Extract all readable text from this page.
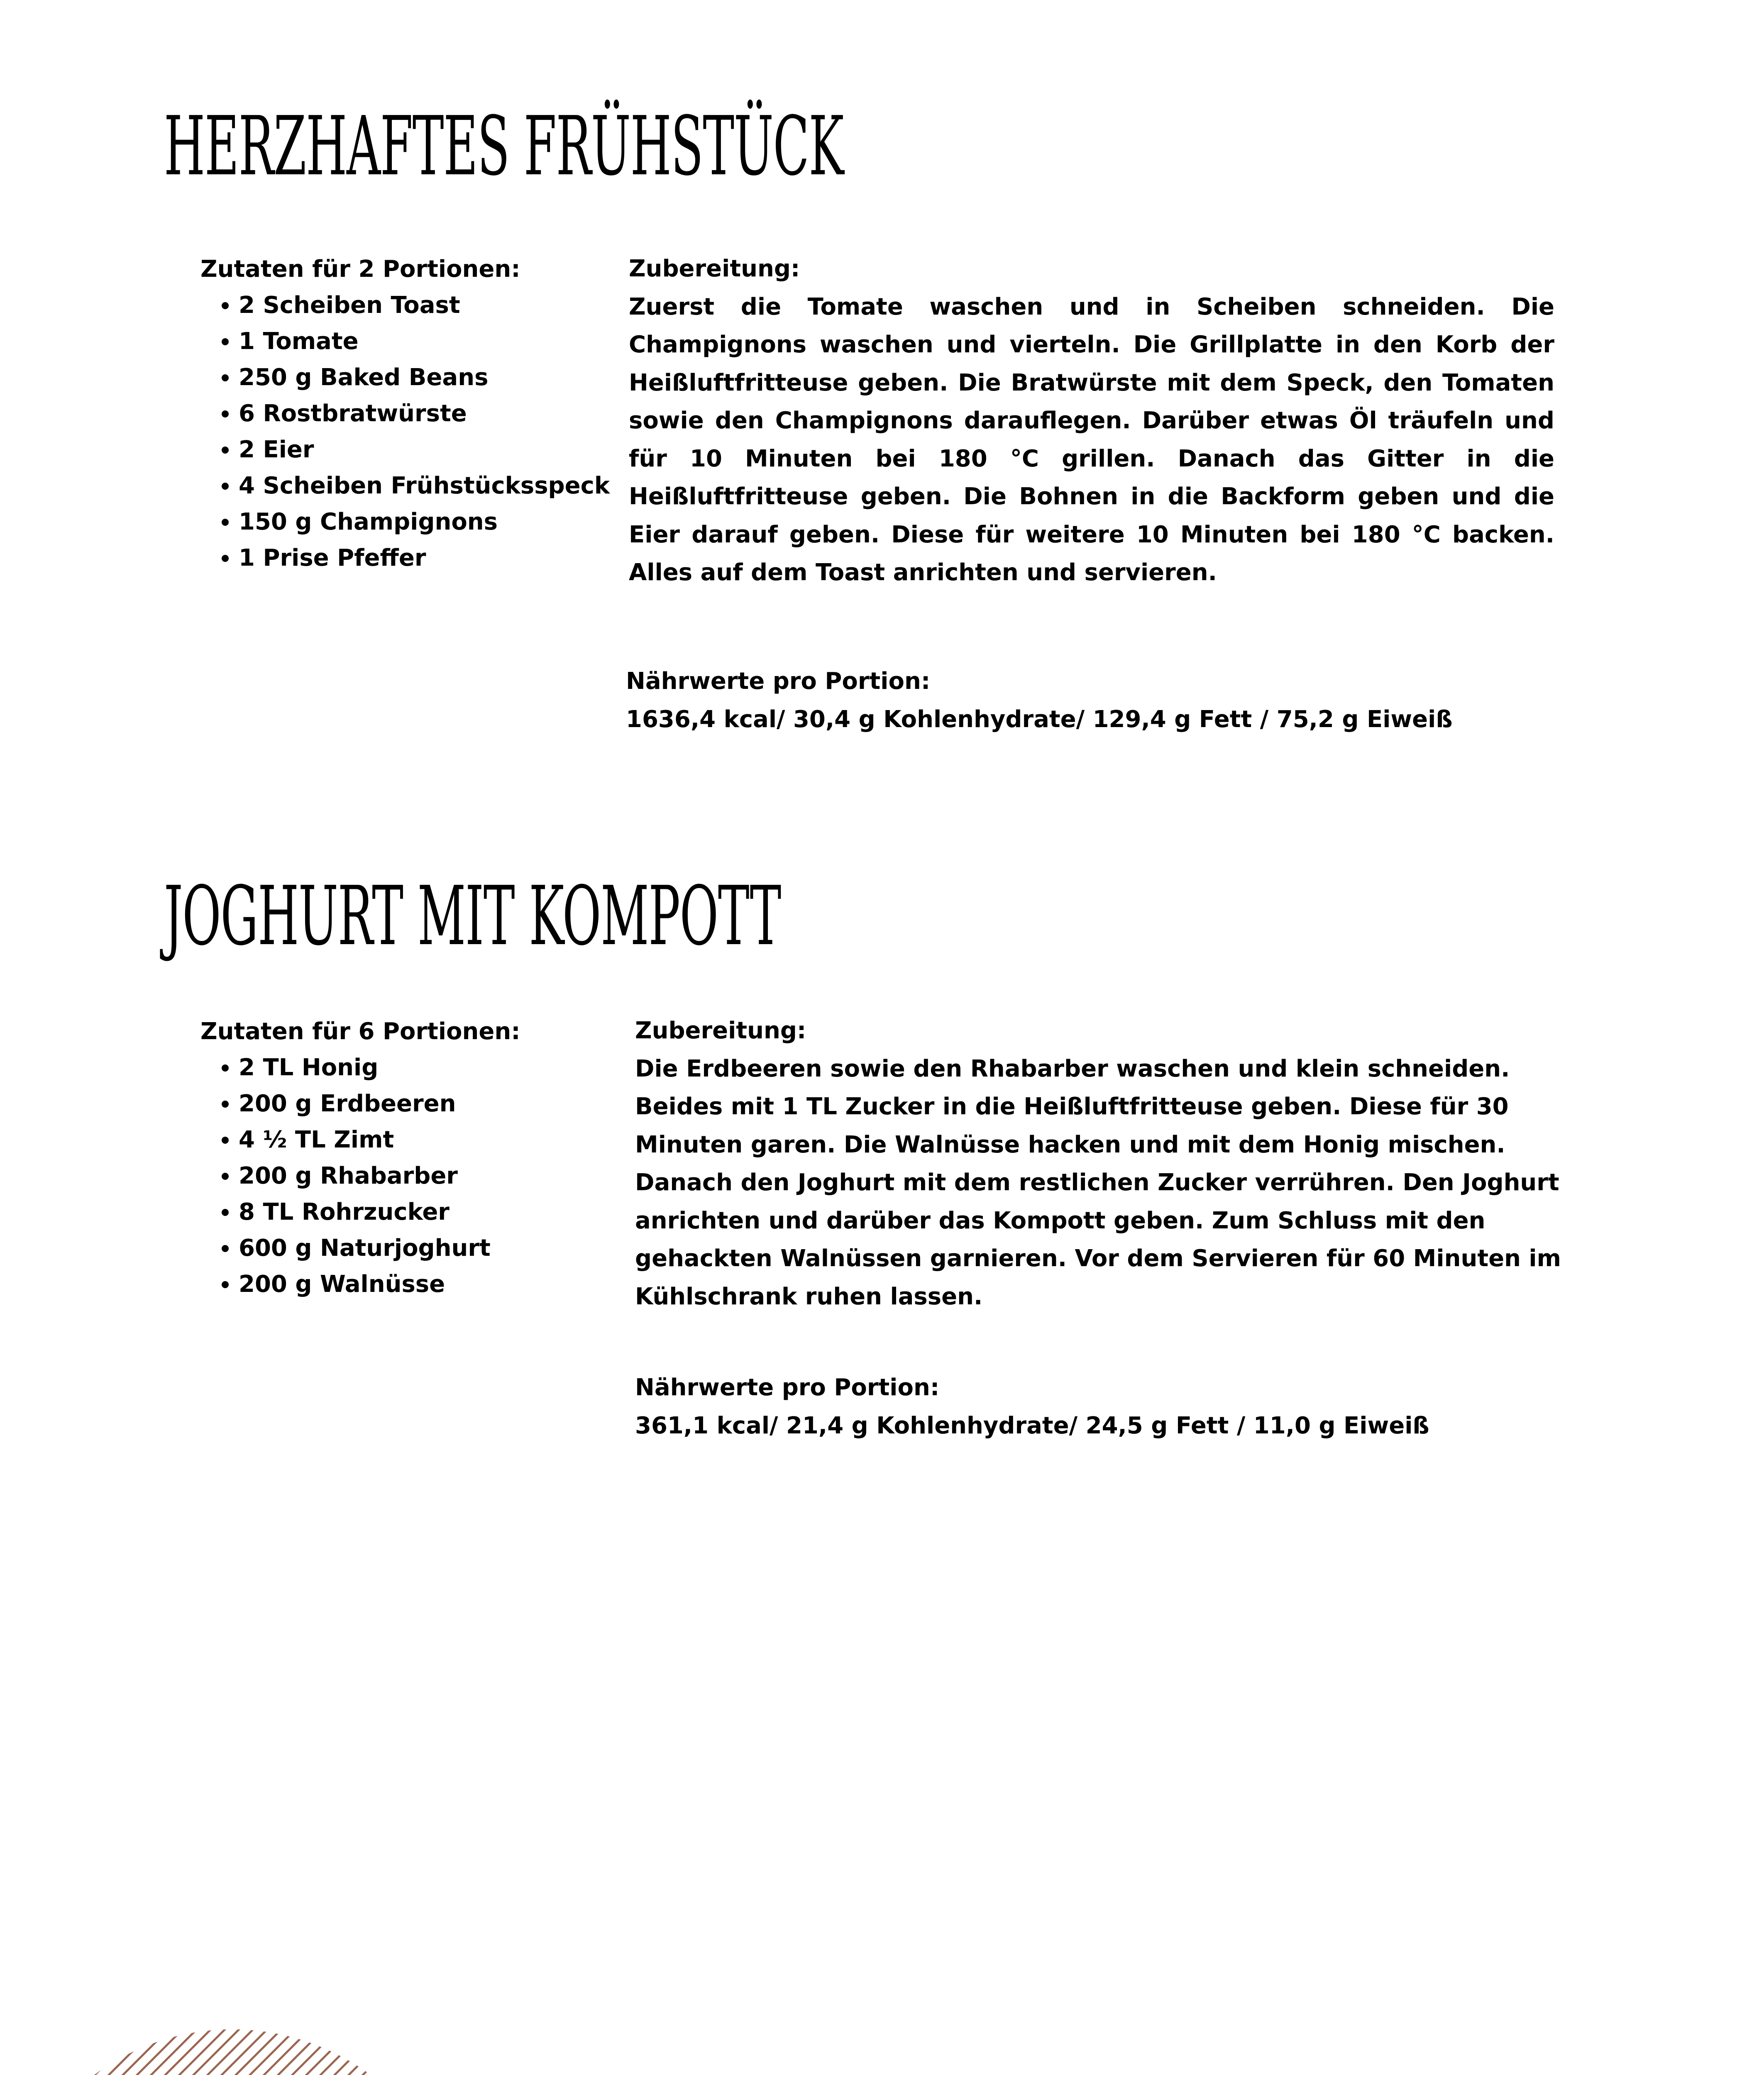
HERZHAFTES FRÜHSTÜCK

Zutaten für 2 Portionen:

• 2 Scheiben Toast
• 1 Tomate
• 250 g Baked Beans
• 6 Rostbratwürste
• 2 Eier
• 4 Scheiben Frühstücksspeck
• 150 g Champignons
• 1 Prise Pfeffer

Zubereitung:

Zuerst die Tomate waschen und in Scheiben schneiden. Die Champignons waschen und vierteln. Die Grillplatte in den Korb der Heißluftfritteuse geben. Die Bratwürste mit dem Speck, den Tomaten sowie den Champignons darauflegen. Darüber etwas Öl träufeln und für 10 Minuten bei 180 °C grillen. Danach das Gitter in die Heißluftfritteuse geben. Die Bohnen in die Backform geben und die Eier darauf geben. Diese für weitere 10 Minuten bei 180 °C backen. Alles auf dem Toast anrichten und servieren.

Nährwerte pro Portion:

1636,4 kcal/ 30,4 g Kohlenhydrate/ 129,4 g Fett / 75,2 g Eiweiß

JOGHURT MIT KOMPOTT

Zutaten für 6 Portionen:

• 2 TL Honig
• 200 g Erdbeeren
• 4 ½ TL Zimt
• 200 g Rhabarber
• 8 TL Rohrzucker
• 600 g Naturjoghurt
• 200 g Walnüsse

Zubereitung:

Die Erdbeeren sowie den Rhabarber waschen und klein schneiden. Beides mit 1 TL Zucker in die Heißluftfritteuse geben. Diese für 30 Minuten garen. Die Walnüsse hacken und mit dem Honig mischen. Danach den Joghurt mit dem restlichen Zucker verrühren. Den Joghurt anrichten und darüber das Kompott geben. Zum Schluss mit den gehackten Walnüssen garnieren. Vor dem Servieren für 60 Minuten im Kühlschrank ruhen lassen.

Nährwerte pro Portion:

361,1 kcal/ 21,4 g Kohlenhydrate/ 24,5 g Fett / 11,0 g Eiweiß
